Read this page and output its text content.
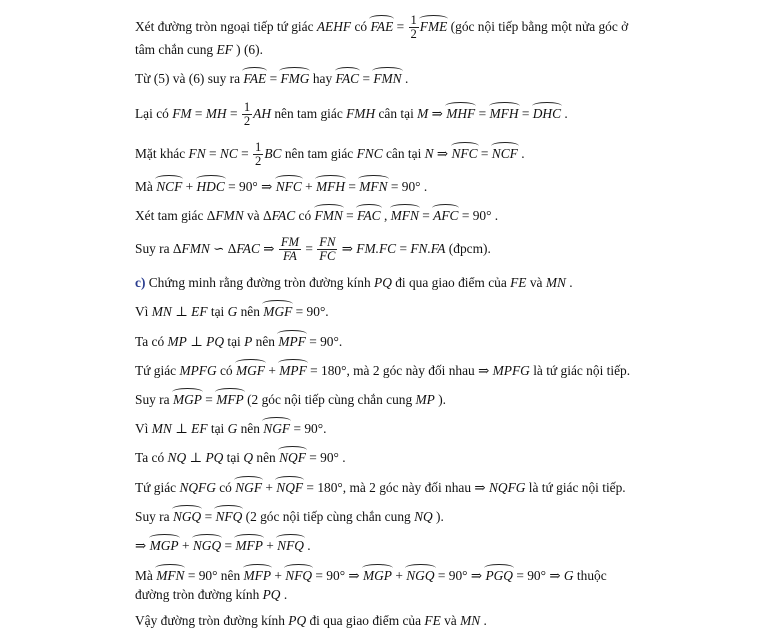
Xét đường tròn ngoại tiếp tứ giác AEHF có FAE = $\frac{1}{2}$ FME (góc nội tiếp bằng một nửa góc ở
tâm chắn cung EF ) (6).
Từ (5) và (6) suy ra FAE = FMG hay FAC = FMN .
Lại có FM = MH = $\frac{1}{2}$ AH nên tam giác FMH cân tại M ⇒ MHF = MFH = DHC .
Mặt khác FN = NC = $\frac{1}{2}$ BC nên tam giác FNC cân tại N ⇒ NFC = NCF .
Mà NCF + HDC = 90° ⇒ NFC + MFH = MFN = 90° .
Xét tam giác ΔFMN và ΔFAC có FMN = FAC , MFN = AFC = 90° .
Suy ra ΔFMN ∽ ΔFAC ⇒ $\frac{FM}{FA} = \frac{FN}{FC}$ ⇒ FM.FC = FN.FA (đpcm).
c) Chứng minh rằng đường tròn đường kính PQ đi qua giao điểm của FE và MN .
Vì MN ⊥ EF tại G nên MGF = 90°.
Ta có MP ⊥ PQ tại P nên MPF = 90°.
Tứ giác MPFG có MGF + MPF = 180°, mà 2 góc này đối nhau ⇒ MPFG là tứ giác nội tiếp.
Suy ra MGP = MFP (2 góc nội tiếp cùng chắn cung MP ).
Vì MN ⊥ EF tại G nên NGF = 90°.
Ta có NQ ⊥ PQ tại Q nên NQF = 90° .
Tứ giác NQFG có NGF + NQF = 180°, mà 2 góc này đối nhau ⇒ NQFG là tứ giác nội tiếp.
Suy ra NGQ = NFQ (2 góc nội tiếp cùng chắn cung NQ ).
⇒ MGP + NGQ = MFP + NFQ .
Mà MFN = 90° nên MFP + NFQ = 90° ⇒ MGP + NGQ = 90° ⇒ PGQ = 90° ⇒ G thuộc
đường tròn đường kính PQ .
Vậy đường tròn đường kính PQ đi qua giao điểm của FE và MN .
